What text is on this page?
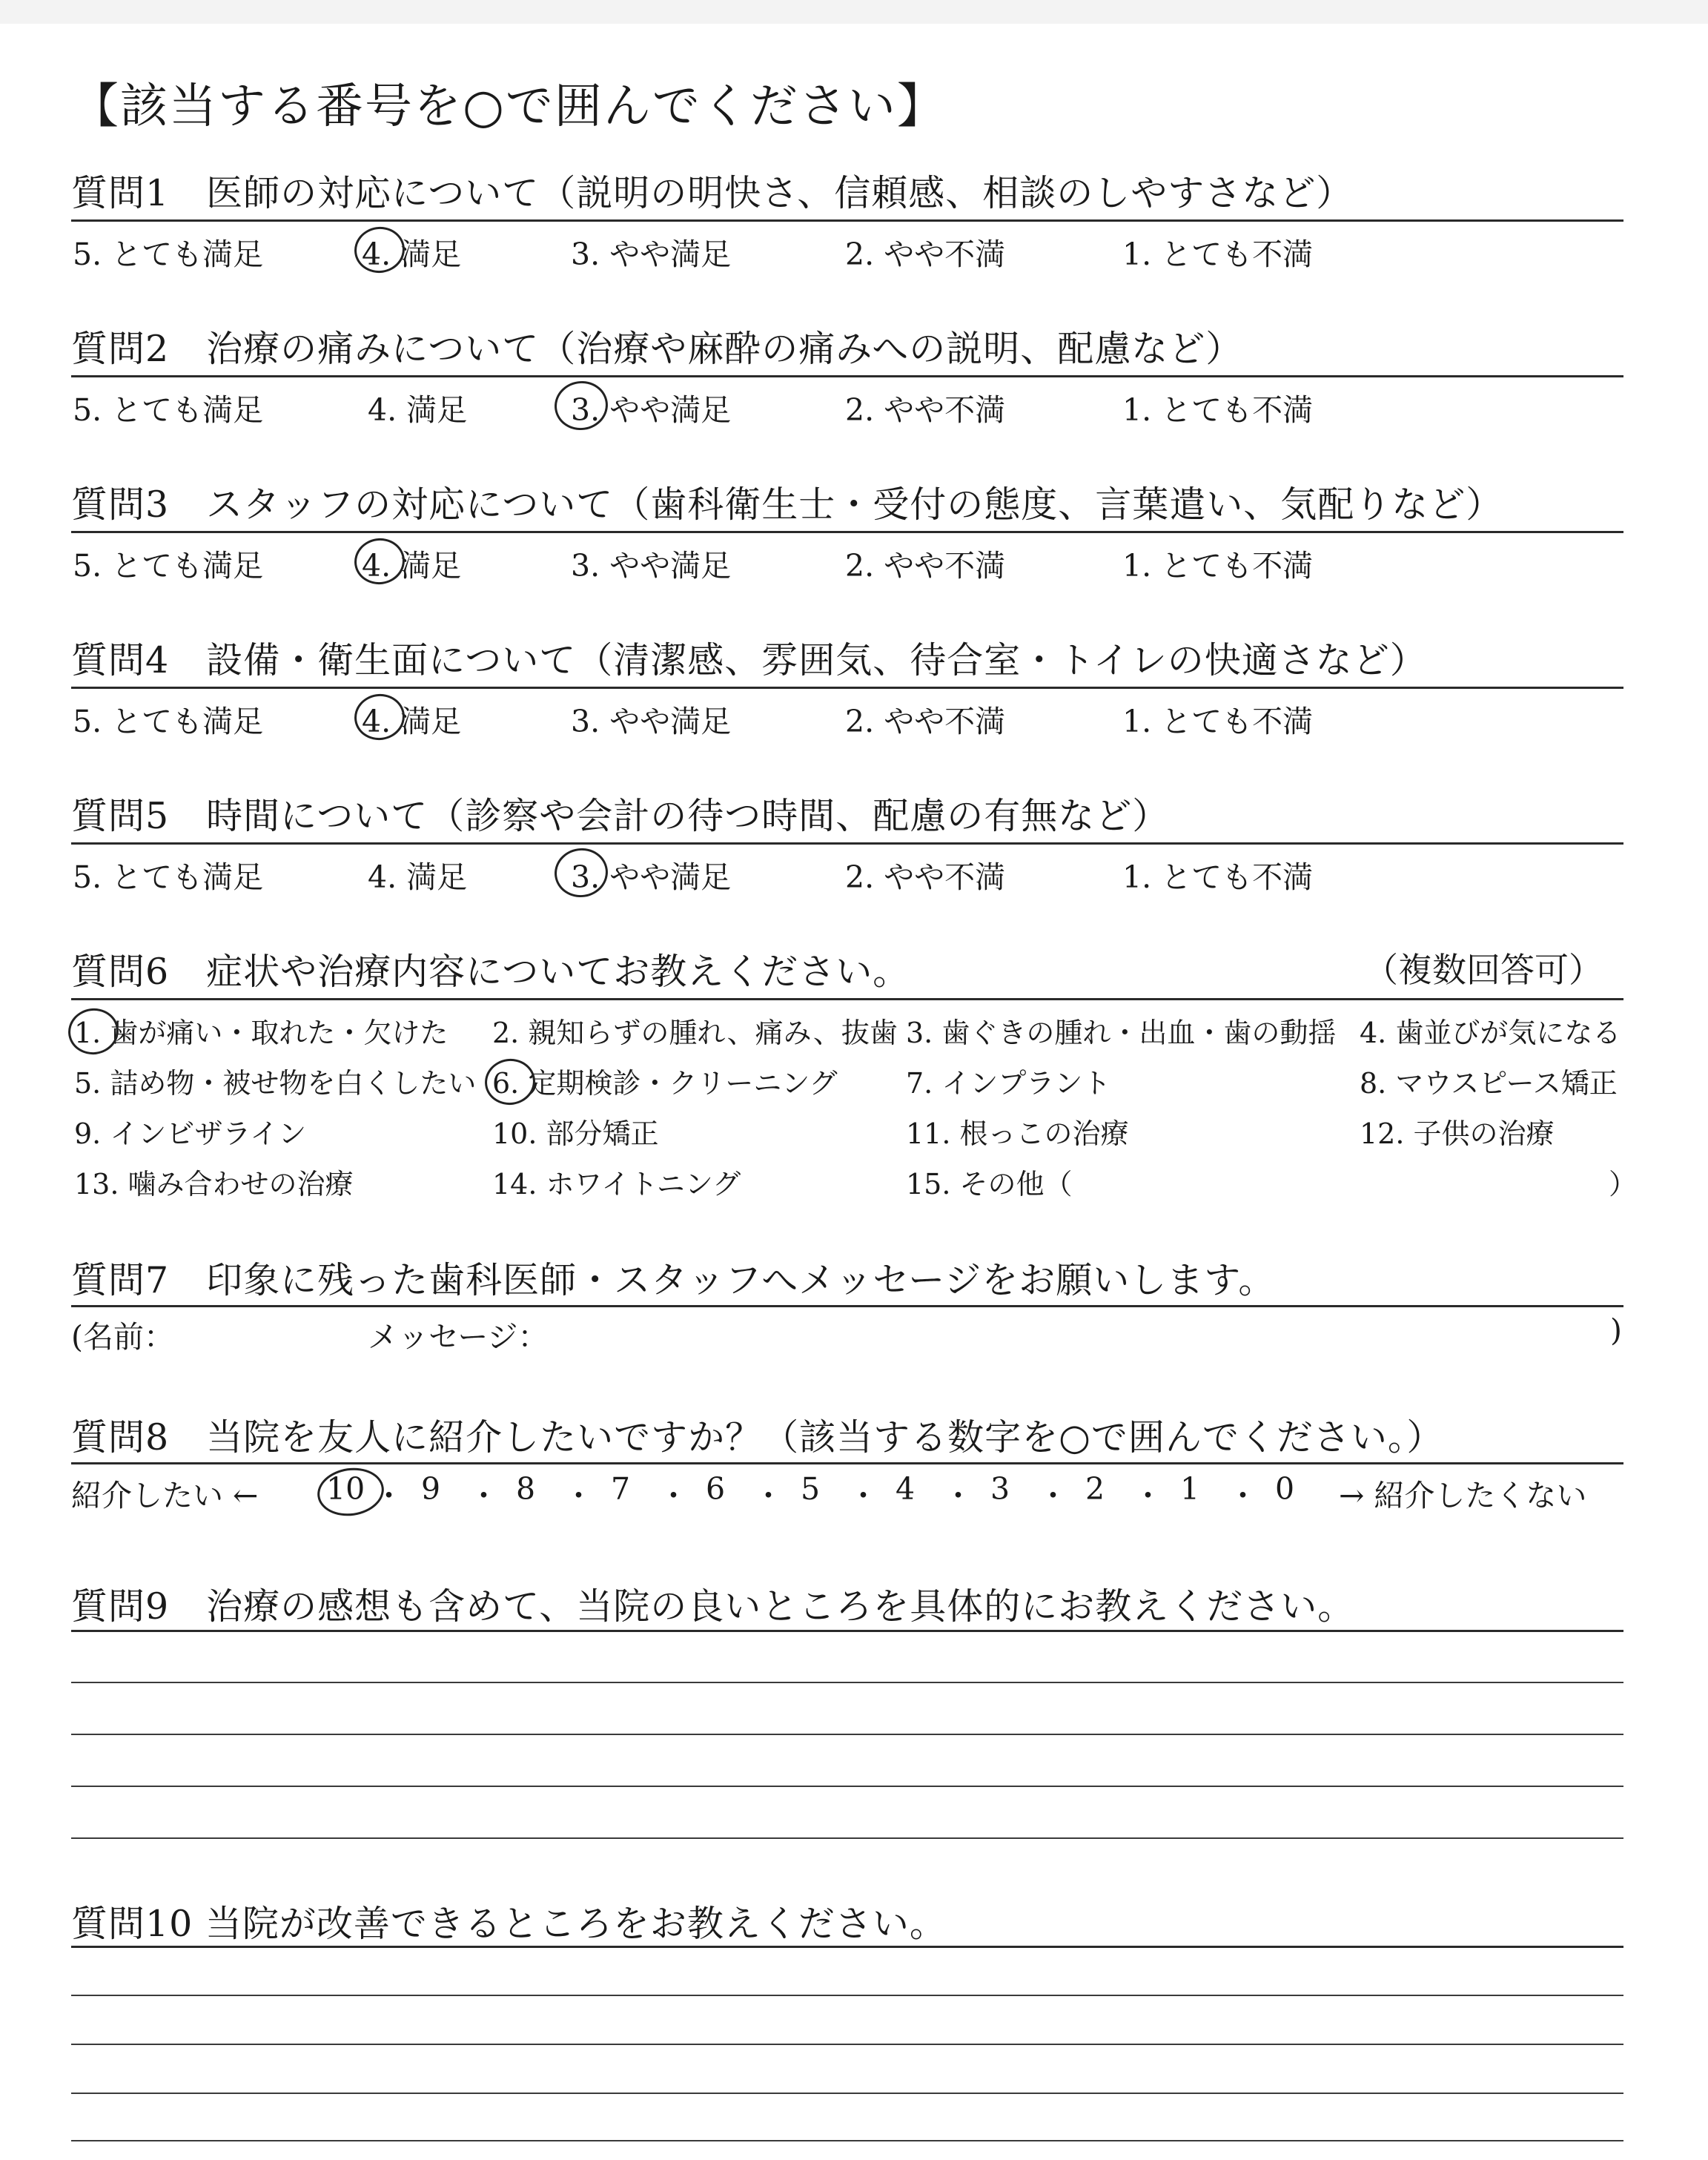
【該当する番号を○で囲んでください】
質問1　医師の対応について（説明の明快さ、信頼感、相談のしやすさなど）
5. とても満足	4. 満足	3. やや満足	2. やや不満	1. とても不満
質問2　治療の痛みについて（治療や麻酔の痛みへの説明、配慮など）
5. とても満足	4. 満足	3. やや満足	2. やや不満	1. とても不満
質問3　スタッフの対応について（歯科衛生士・受付の態度、言葉遣い、気配りなど）
5. とても満足	4. 満足	3. やや満足	2. やや不満	1. とても不満
質問4　設備・衛生面について（清潔感、雰囲気、待合室・トイレの快適さなど）
5. とても満足	4. 満足	3. やや満足	2. やや不満	1. とても不満
質問5　時間について（診察や会計の待つ時間、配慮の有無など）
5. とても満足	4. 満足	3. やや満足	2. やや不満	1. とても不満
質問6　症状や治療内容についてお教えください。	（複数回答可）
1. 歯が痛い・取れた・欠けた 2. 親知らずの腫れ、痛み、抜歯 3. 歯ぐきの腫れ・出血・歯の動揺 4. 歯並びが気になる
5. 詰め物・被せ物を白くしたい 6. 定期検診・クリーニング 7. インプラント	8. マウスピース矯正
9. インビザライン	10. 部分矯正	11. 根っこの治療	12. 子供の治療
13. 噛み合わせの治療	14. ホワイトニング	15. その他（	）
質問7　印象に残った歯科医師・スタッフへメッセージをお願いします。
(名前：	メッセージ：	)
質問8　当院を友人に紹介したいですか？（該当する数字を○で囲んでください。）
紹介したい ← 10 ・ 9 ・ 8 ・ 7 ・ 6 ・ 5 ・ 4 ・ 3 ・ 2 ・ 1 ・ 0 → 紹介したくない
質問9　治療の感想も含めて、当院の良いところを具体的にお教えください。
質問10 当院が改善できるところをお教えください。
